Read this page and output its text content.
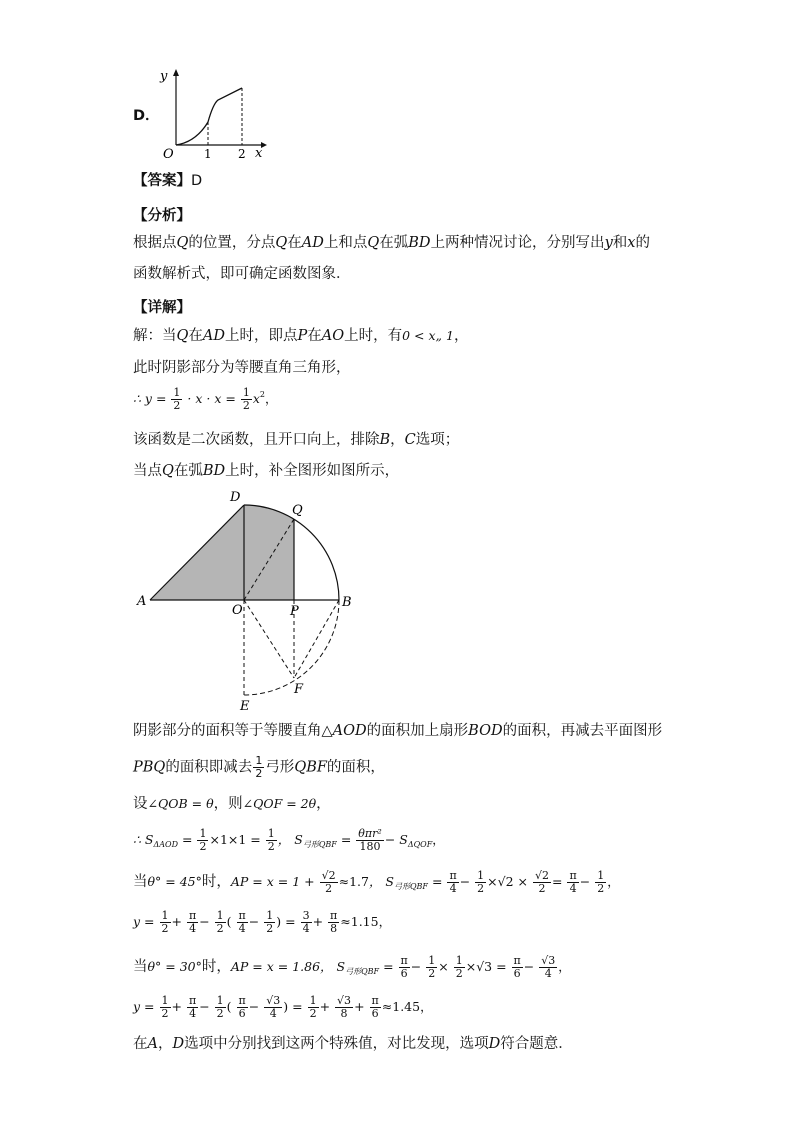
D．
y
x
O	1 2
【答案】D
【分析】
根据点Q的位置，分点Q在AD上和点Q在弧BD上两种情况讨论，分别写出y和x的
函数解析式，即可确定函数图象．
【详解】
解：当Q在AD上时，即点P在AO上时，有0 < x„ 1，
此时阴影部分为等腰直角三角形，
∴ $y = \frac{1}{2} \cdot x \cdot x = \frac{1}{2} x^2$，
该函数是二次函数，且开口向上，排除B，C选项；
当点Q在弧BD上时，补全图形如图所示，
A
D
Q
O	P
B
E
F
阴影部分的面积等于等腰直角△AOD的面积加上扇形BOD的面积，再减去平面图形
PBQ的面积即减去 $\frac{1}{2}$ 弓形QBF的面积，
设∠QOB = θ，则∠QOF = 2θ，
∴ $S_{\Delta AOD} = \frac{1}{2} \times 1\times 1 = \frac{1}{2}$ ， $S_{弓形QBF} = \frac{\text{θπr²}}{180} - S_{\Delta QOF}$，
当θ° = 45°时，AP = $x = 1 + \frac{√2}{2} \approx 1.7$， $S_{弓形QBF} = \frac{\pi}{4} - \frac{1}{2} \times√2 \times \frac{√2}{2} = \frac{\pi}{4} - \frac{1}{2}$ ，
$y = \frac{1}{2} + \frac{\pi}{4} - \frac{1}{2}$ ( $\frac{\pi}{4} - \frac{1}{2}$ ) = $\frac{3}{4} + \frac{\pi}{8} \approx 1.15$，
当θ° = 30°时，AP = x = 1.86， $S_{弓形QBF} = \frac{\pi}{6} - \frac{1}{2} \times \frac{1}{2} \times√3 = \frac{\pi}{6} - \frac{√3}{4}$ ，
$y = \frac{1}{2} + \frac{\pi}{4} - \frac{1}{2}$ ( $\frac{\pi}{6} - \frac{√3}{4}$ ) = $\frac{1}{2} + \frac{√3}{8} + \frac{\pi}{6} \approx 1.45$，
在A，D选项中分别找到这两个特殊值，对比发现，选项D符合题意．
